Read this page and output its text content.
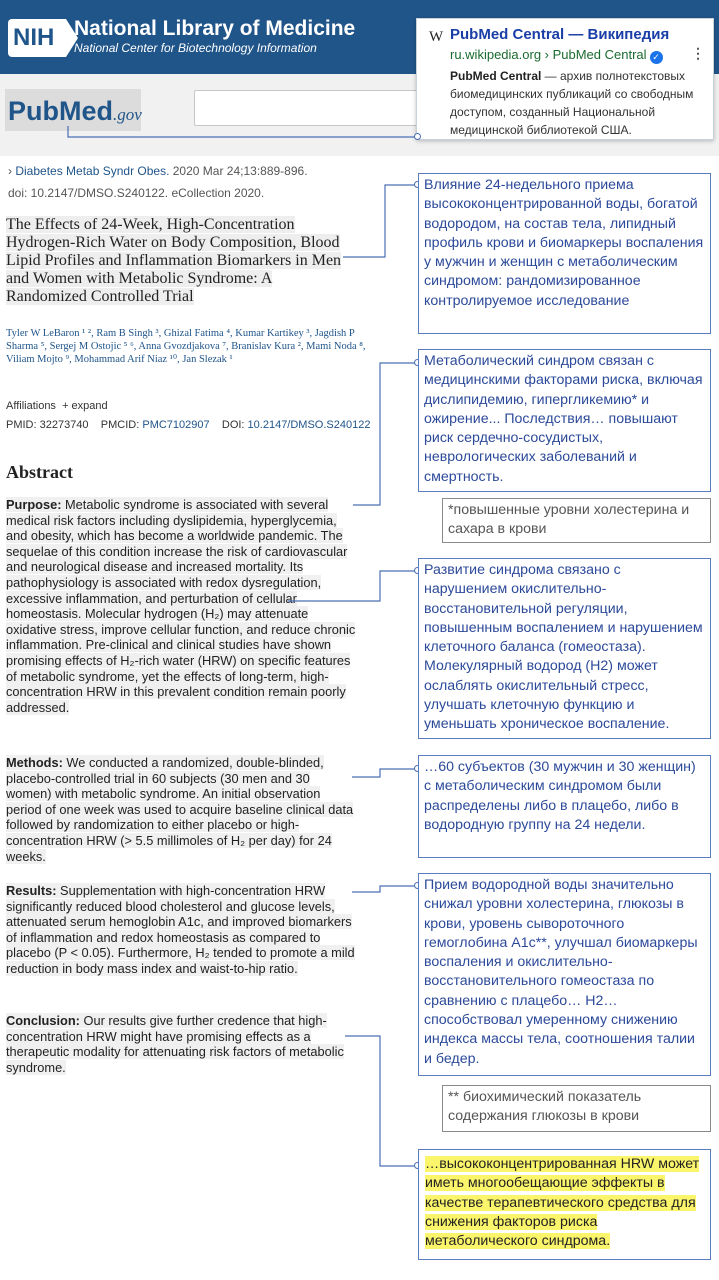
NIH National Library of Medicine
National Center for Biotechnology Information
PubMed.gov
W PubMed Central — Википедия
ru.wikipedia.org › PubMed Central ✓ ⋮
PubMed Central — архив полнотекстовых биомедицинских публикаций со свободным доступом, созданный Национальной медицинской библиотекой США.
› Diabetes Metab Syndr Obes. 2020 Mar 24;13:889-896.
doi: 10.2147/DMSO.S240122. eCollection 2020.
The Effects of 24-Week, High-Concentration Hydrogen-Rich Water on Body Composition, Blood Lipid Profiles and Inflammation Biomarkers in Men and Women with Metabolic Syndrome: A Randomized Controlled Trial
Tyler W LeBaron ¹ ², Ram B Singh ³, Ghizal Fatima ⁴, Kumar Kartikey ³, Jagdish P Sharma ⁵, Sergej M Ostojic ⁵ ⁶, Anna Gvozdjakova ⁷, Branislav Kura ², Mami Noda ⁸, Viliam Mojto ⁹, Mohammad Arif Niaz ¹⁰, Jan Slezak ¹
Affiliations + expand
PMID: 32273740 PMCID: PMC7102907 DOI: 10.2147/DMSO.S240122
Abstract
Purpose: Metabolic syndrome is associated with several medical risk factors including dyslipidemia, hyperglycemia, and obesity, which has become a worldwide pandemic. The sequelae of this condition increase the risk of cardiovascular and neurological disease and increased mortality. Its pathophysiology is associated with redox dysregulation, excessive inflammation, and perturbation of cellular homeostasis. Molecular hydrogen (H₂) may attenuate oxidative stress, improve cellular function, and reduce chronic inflammation. Pre-clinical and clinical studies have shown promising effects of H₂-rich water (HRW) on specific features of metabolic syndrome, yet the effects of long-term, high-concentration HRW in this prevalent condition remain poorly addressed.
Methods: We conducted a randomized, double-blinded, placebo-controlled trial in 60 subjects (30 men and 30 women) with metabolic syndrome. An initial observation period of one week was used to acquire baseline clinical data followed by randomization to either placebo or high-concentration HRW (> 5.5 millimoles of H₂ per day) for 24 weeks.
Results: Supplementation with high-concentration HRW significantly reduced blood cholesterol and glucose levels, attenuated serum hemoglobin A1c, and improved biomarkers of inflammation and redox homeostasis as compared to placebo (P < 0.05). Furthermore, H₂ tended to promote a mild reduction in body mass index and waist-to-hip ratio.
Conclusion: Our results give further credence that high-concentration HRW might have promising effects as a therapeutic modality for attenuating risk factors of metabolic syndrome.
Влияние 24-недельного приема высококонцентрированной воды, богатой водородом, на состав тела, липидный профиль крови и биомаркеры воспаления у мужчин и женщин с метаболическим синдромом: рандомизированное контролируемое исследование
Метаболический синдром связан с медицинскими факторами риска, включая дислипидемию, гипергликемию* и ожирение... Последствия… повышают риск сердечно-сосудистых, неврологических заболеваний и смертность.
*повышенные уровни холестерина и сахара в крови
Развитие синдрома связано с нарушением окислительно-восстановительной регуляции, повышенным воспалением и нарушением клеточного баланса (гомеостаза). Молекулярный водород (H2) может ослаблять окислительный стресс, улучшать клеточную функцию и уменьшать хроническое воспаление.
…60 субъектов (30 мужчин и 30 женщин) с метаболическим синдромом были распределены либо в плацебо, либо в водородную группу на 24 недели.
Прием водородной воды значительно снижал уровни холестерина, глюкозы в крови, уровень сывороточного гемоглобина A1c**, улучшал биомаркеры воспаления и окислительно-восстановительного гомеостаза по сравнению с плацебо… H2…способствовал умеренному снижению индекса массы тела, соотношения талии и бедер.
** биохимический показатель содержания глюкозы в крови
…высококонцентрированная HRW может иметь многообещающие эффекты в качестве терапевтического средства для снижения факторов риска метаболического синдрома.
